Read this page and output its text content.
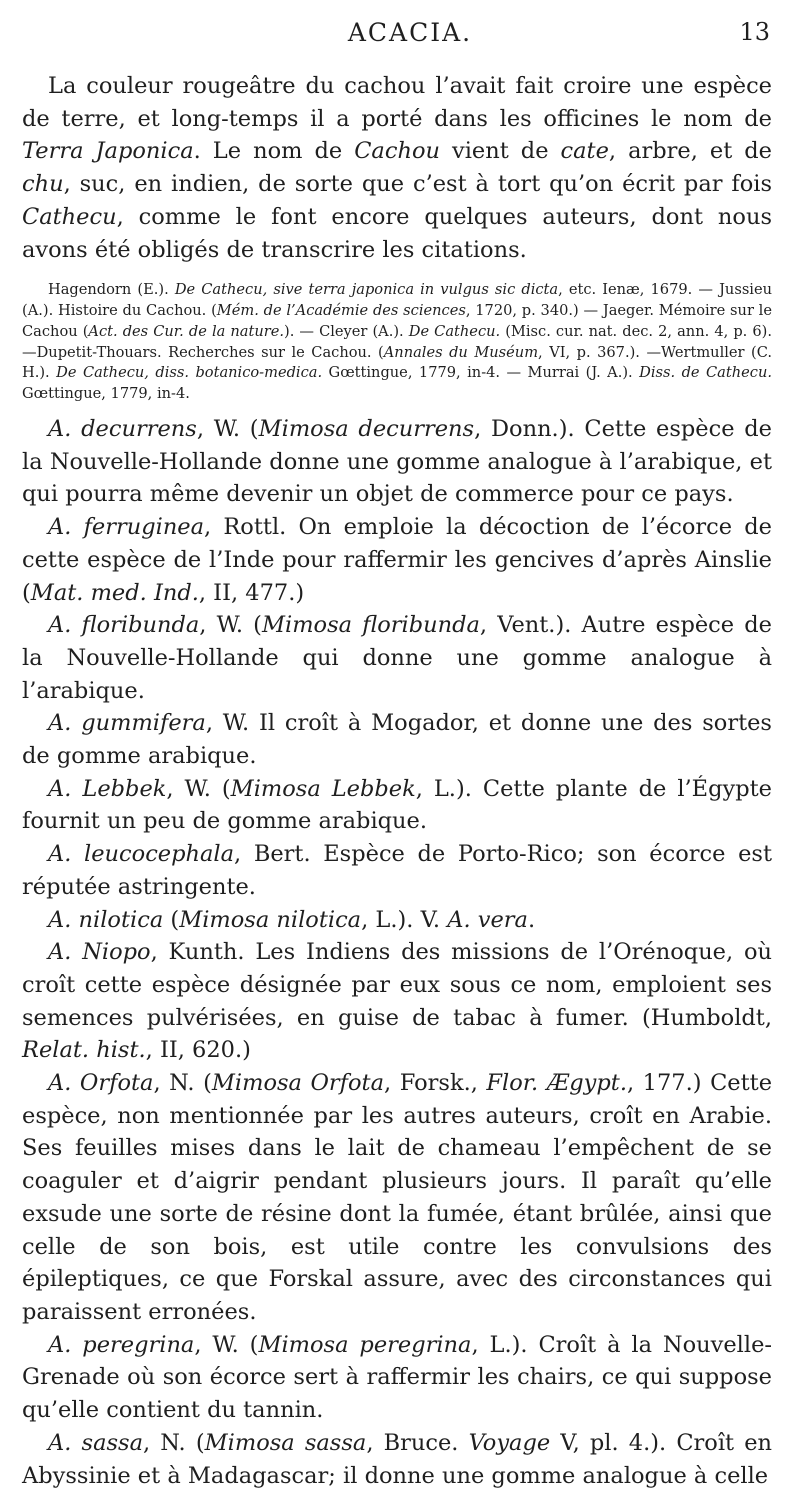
ACACIA.	13

La couleur rougeâtre du cachou l’avait fait croire une espèce de terre, et long-temps il a porté dans les officines le nom de Terra Japonica. Le nom de Cachou vient de cate, arbre, et de chu, suc, en indien, de sorte que c’est à tort qu’on écrit par fois Cathecu, comme le font encore quelques auteurs, dont nous avons été obligés de transcrire les citations.

Hagendorn (E.). De Cathecu, sive terra japonica in vulgus sic dicta, etc. Ienæ, 1679. — Jussieu (A.). Histoire du Cachou. (Mém. de l’Académie des sciences, 1720, p. 340.) — Jaeger. Mémoire sur le Cachou (Act. des Cur. de la nature.). — Cleyer (A.). De Cathecu. (Misc. cur. nat. dec. 2, ann. 4, p. 6). —Dupetit-Thouars. Recherches sur le Cachou. (Annales du Muséum, VI, p. 367.). —Wertmuller (C. H.). De Cathecu, diss. botanico-medica. Gœttingue, 1779, in-4. — Murrai (J. A.). Diss. de Cathecu. Gœttingue, 1779, in-4.

A. decurrens, W. (Mimosa decurrens, Donn.). Cette espèce de la Nouvelle-Hollande donne une gomme analogue à l’arabique, et qui pourra même devenir un objet de commerce pour ce pays.

A. ferruginea, Rottl. On emploie la décoction de l’écorce de cette espèce de l’Inde pour raffermir les gencives d’après Ainslie (Mat. med. Ind., II, 477.)

A. floribunda, W. (Mimosa floribunda, Vent.). Autre espèce de la Nouvelle-Hollande qui donne une gomme analogue à l’arabique.

A. gummifera, W. Il croît à Mogador, et donne une des sortes de gomme arabique.

A. Lebbek, W. (Mimosa Lebbek, L.). Cette plante de l’Égypte fournit un peu de gomme arabique.

A. leucocephala, Bert. Espèce de Porto-Rico; son écorce est réputée astringente.

A. nilotica (Mimosa nilotica, L.). V. A. vera.

A. Niopo, Kunth. Les Indiens des missions de l’Orénoque, où croît cette espèce désignée par eux sous ce nom, emploient ses semences pulvérisées, en guise de tabac à fumer. (Humboldt, Relat. hist., II, 620.)

A. Orfota, N. (Mimosa Orfota, Forsk., Flor. Ægypt., 177.) Cette espèce, non mentionnée par les autres auteurs, croît en Arabie. Ses feuilles mises dans le lait de chameau l’empêchent de se coaguler et d’aigrir pendant plusieurs jours. Il paraît qu’elle exsude une sorte de résine dont la fumée, étant brûlée, ainsi que celle de son bois, est utile contre les convulsions des épileptiques, ce que Forskal assure, avec des circonstances qui paraissent erronées.

A. peregrina, W. (Mimosa peregrina, L.). Croît à la Nouvelle-Grenade où son écorce sert à raffermir les chairs, ce qui suppose qu’elle contient du tannin.

A. sassa, N. (Mimosa sassa, Bruce. Voyage V, pl. 4.). Croît en Abyssinie et à Madagascar; il donne une gomme analogue à celle
